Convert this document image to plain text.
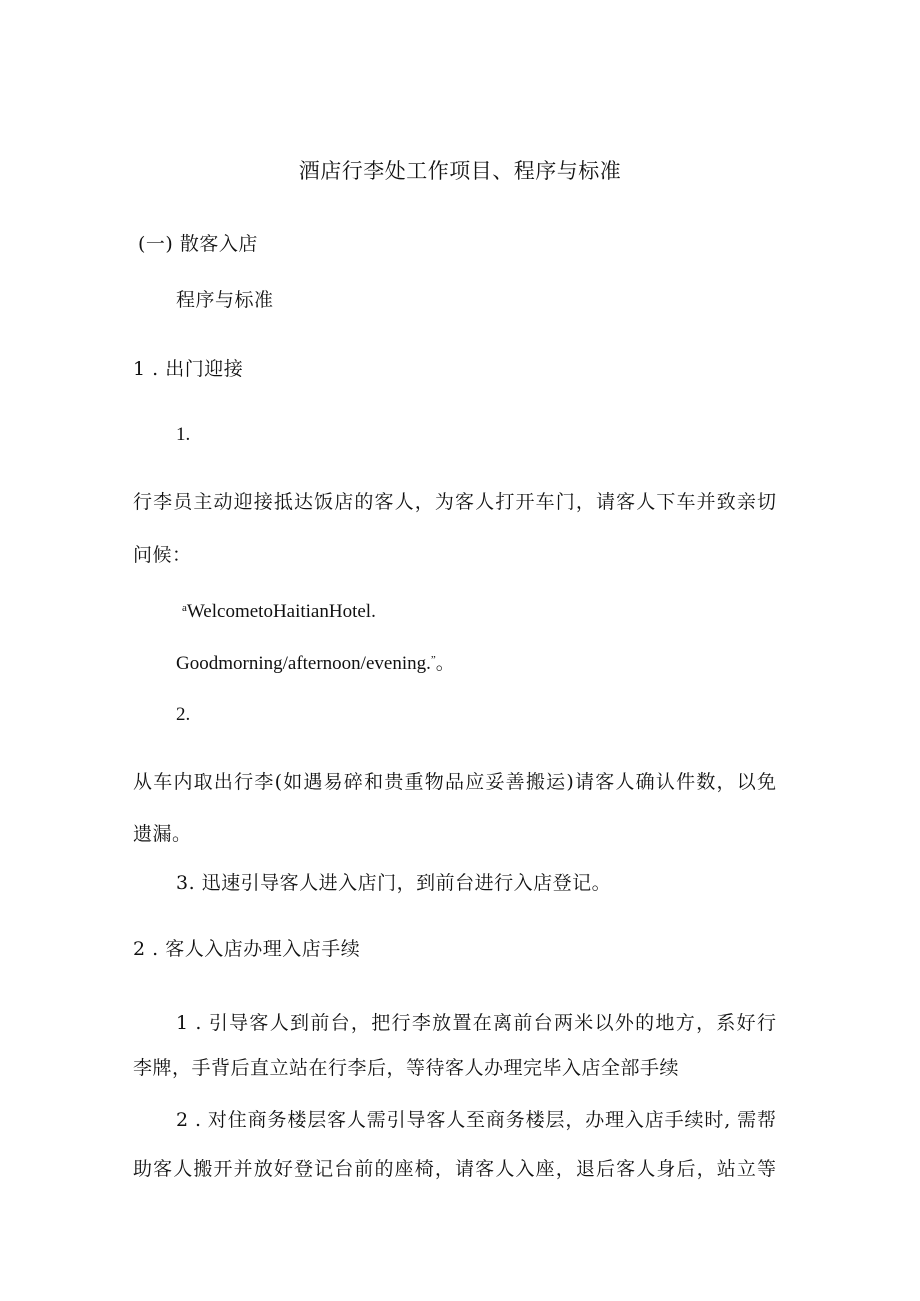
酒店行李处工作项目、程序与标准
(一) 散客入店
程序与标准
1 . 出门迎接
1.
行李员主动迎接抵达饭店的客人，为客人打开车门，请客人下车并致亲切
问候：
$^a$WelcometoHaitianHotel.
Goodmorning/afternoon/evening.”。
2.
从车内取出行李(如遇易碎和贵重物品应妥善搬运)请客人确认件数，以免
遗漏。
3. 迅速引导客人进入店门，到前台进行入店登记。
2 . 客人入店办理入店手续
1 . 引导客人到前台，把行李放置在离前台两米以外的地方，系好行
李牌，手背后直立站在行李后，等待客人办理完毕入店全部手续
2 . 对住商务楼层客人需引导客人至商务楼层，办理入店手续时, 需帮
助客人搬开并放好登记台前的座椅，请客人入座，退后客人身后，站立等
